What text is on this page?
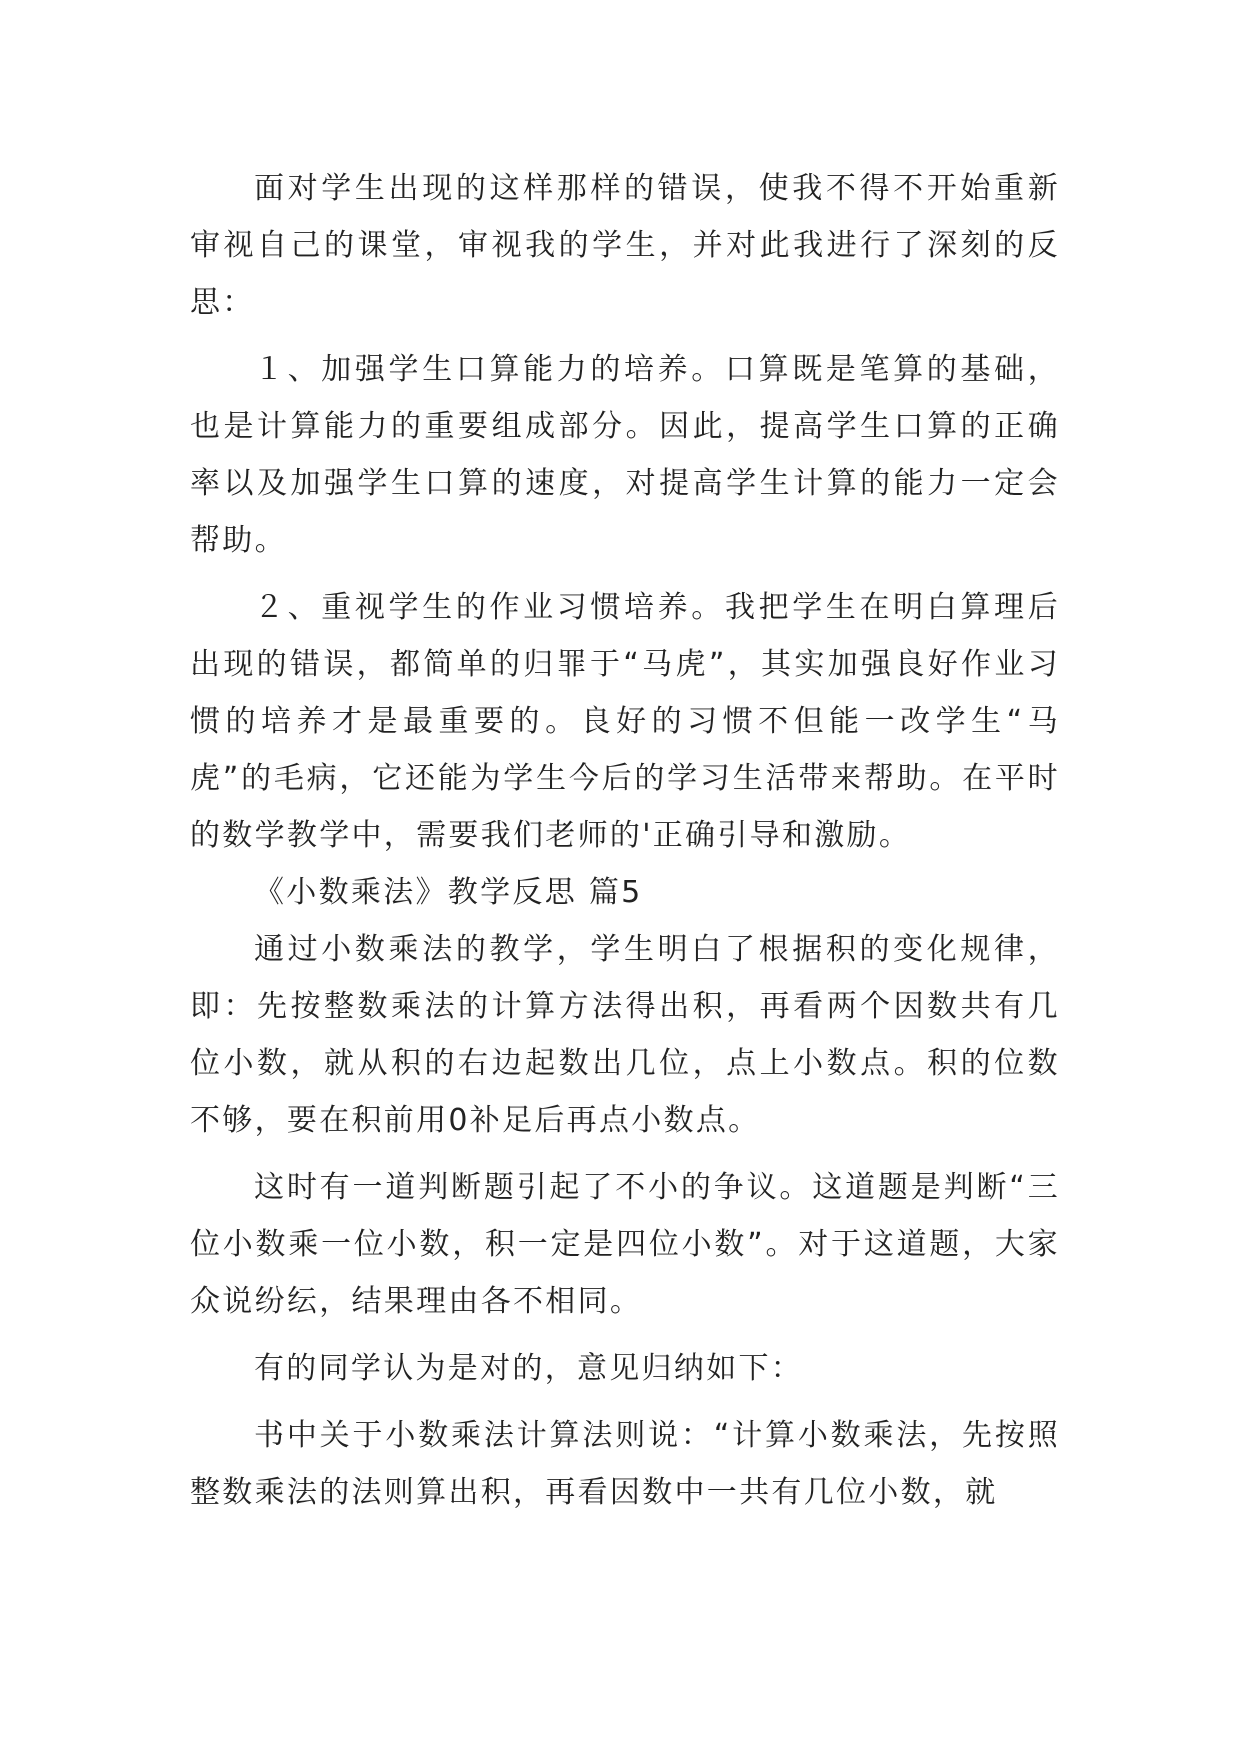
面对学生出现的这样那样的错误，使我不得不开始重新审视自己的课堂，审视我的学生，并对此我进行了深刻的反思：

１、加强学生口算能力的培养。口算既是笔算的基础，也是计算能力的重要组成部分。因此，提高学生口算的正确率以及加强学生口算的速度，对提高学生计算的能力一定会帮助。

２、重视学生的作业习惯培养。我把学生在明白算理后出现的错误，都简单的归罪于“马虎”，其实加强良好作业习惯的培养才是最重要的。良好的习惯不但能一改学生“马虎”的毛病，它还能为学生今后的学习生活带来帮助。在平时的数学教学中，需要我们老师的'正确引导和激励。

《小数乘法》教学反思 篇5

通过小数乘法的教学，学生明白了根据积的变化规律，即：先按整数乘法的计算方法得出积，再看两个因数共有几位小数，就从积的右边起数出几位，点上小数点。积的位数不够，要在积前用0补足后再点小数点。

这时有一道判断题引起了不小的争议。这道题是判断“三位小数乘一位小数，积一定是四位小数”。对于这道题，大家众说纷纭，结果理由各不相同。

有的同学认为是对的，意见归纳如下：

书中关于小数乘法计算法则说：“计算小数乘法，先按照整数乘法的法则算出积，再看因数中一共有几位小数，就
